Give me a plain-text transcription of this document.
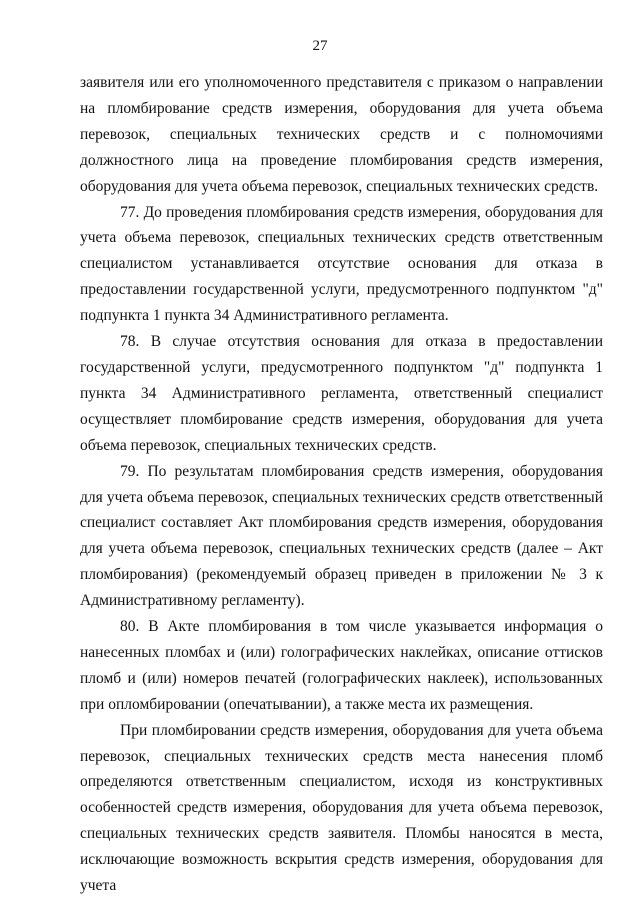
27

заявителя или его уполномоченного представителя с приказом о направлении на пломбирование средств измерения, оборудования для учета объема перевозок, специальных технических средств и с полномочиями должностного лица на проведение пломбирования средств измерения, оборудования для учета объема перевозок, специальных технических средств.

77. До проведения пломбирования средств измерения, оборудования для учета объема перевозок, специальных технических средств ответственным специалистом устанавливается отсутствие основания для отказа в предоставлении государственной услуги, предусмотренного подпунктом "д" подпункта 1 пункта 34 Административного регламента.

78. В случае отсутствия основания для отказа в предоставлении государственной услуги, предусмотренного подпунктом "д" подпункта 1 пункта 34 Административного регламента, ответственный специалист осуществляет пломбирование средств измерения, оборудования для учета объема перевозок, специальных технических средств.

79. По результатам пломбирования средств измерения, оборудования для учета объема перевозок, специальных технических средств ответственный специалист составляет Акт пломбирования средств измерения, оборудования для учета объема перевозок, специальных технических средств (далее – Акт пломбирования) (рекомендуемый образец приведен в приложении № 3 к Административному регламенту).

80. В Акте пломбирования в том числе указывается информация о нанесенных пломбах и (или) голографических наклейках, описание оттисков пломб и (или) номеров печатей (голографических наклеек), использованных при опломбировании (опечатывании), а также места их размещения.

При пломбировании средств измерения, оборудования для учета объема перевозок, специальных технических средств места нанесения пломб определяются ответственным специалистом, исходя из конструктивных особенностей средств измерения, оборудования для учета объема перевозок, специальных технических средств заявителя. Пломбы наносятся в места, исключающие возможность вскрытия средств измерения, оборудования для учета
